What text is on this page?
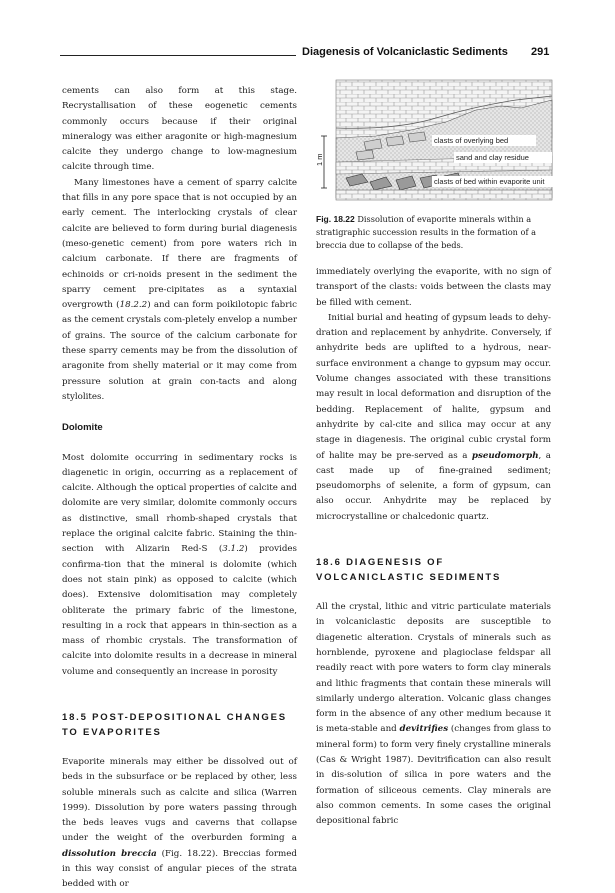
Diagenesis of Volcaniclastic Sediments 291

cements can also form at this stage. Recrystallisation of these eogenetic cements commonly occurs because if their original mineralogy was either aragonite or high-magnesium calcite they undergo change to low-magnesium calcite through time.

Many limestones have a cement of sparry calcite that fills in any pore space that is not occupied by an early cement. The interlocking crystals of clear calcite are believed to form during burial diagenesis (meso-genetic cement) from pore waters rich in calcium carbonate. If there are fragments of echinoids or cri-noids present in the sediment the sparry cement pre-cipitates as a syntaxial overgrowth (18.2.2) and can form poikilotopic fabric as the cement crystals com-pletely envelop a number of grains. The source of the calcium carbonate for these sparry cements may be from the dissolution of aragonite from shelly material or it may come from pressure solution at grain con-tacts and along stylolites.

Dolomite

Most dolomite occurring in sedimentary rocks is diagenetic in origin, occurring as a replacement of calcite. Although the optical properties of calcite and dolomite are very similar, dolomite commonly occurs as distinctive, small rhomb-shaped crystals that replace the original calcite fabric. Staining the thin-section with Alizarin Red-S (3.1.2) provides confirma-tion that the mineral is dolomite (which does not stain pink) as opposed to calcite (which does). Extensive dolomitisation may completely obliterate the primary fabric of the limestone, resulting in a rock that appears in thin-section as a mass of rhombic crystals. The transformation of calcite into dolomite results in a decrease in mineral volume and consequently an increase in porosity

18.5 POST-DEPOSITIONAL CHANGES
TO EVAPORITES

Evaporite minerals may either be dissolved out of beds in the subsurface or be replaced by other, less soluble minerals such as calcite and silica (Warren 1999). Dissolution by pore waters passing through the beds leaves vugs and caverns that collapse under the weight of the overburden forming a dissolution breccia (Fig. 18.22). Breccias formed in this way consist of angular pieces of the strata bedded with or

1 m
clasts of overlying bed
sand and clay residue
clasts of bed within evaporite unit
Fig. 18.22 Dissolution of evaporite minerals within a stratigraphic succession results in the formation of a breccia due to collapse of the beds.

immediately overlying the evaporite, with no sign of transport of the clasts: voids between the clasts may be filled with cement.

Initial burial and heating of gypsum leads to dehy-dration and replacement by anhydrite. Conversely, if anhydrite beds are uplifted to a hydrous, near-surface environment a change to gypsum may occur. Volume changes associated with these transitions may result in local deformation and disruption of the bedding. Replacement of halite, gypsum and anhydrite by cal-cite and silica may occur at any stage in diagenesis. The original cubic crystal form of halite may be pre-served as a pseudomorph, a cast made up of fine-grained sediment; pseudomorphs of selenite, a form of gypsum, can also occur. Anhydrite may be replaced by microcrystalline or chalcedonic quartz.

18.6 DIAGENESIS OF
VOLCANICLASTIC SEDIMENTS

All the crystal, lithic and vitric particulate materials in volcaniclastic deposits are susceptible to diagenetic alteration. Crystals of minerals such as hornblende, pyroxene and plagioclase feldspar all readily react with pore waters to form clay minerals and lithic fragments that contain these minerals will similarly undergo alteration. Volcanic glass changes form in the absence of any other medium because it is meta-stable and devitrifies (changes from glass to mineral form) to form very finely crystalline minerals (Cas & Wright 1987). Devitrification can also result in dis-solution of silica in pore waters and the formation of siliceous cements. Clay minerals are also common cements. In some cases the original depositional fabric
